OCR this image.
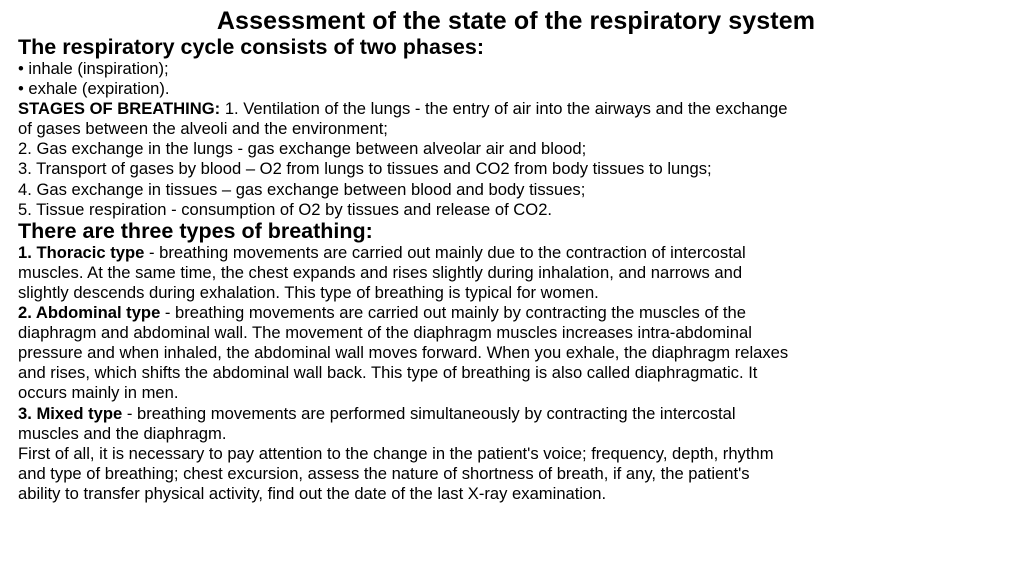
Assessment of the state of the respiratory system

The respiratory cycle consists of two phases:

• inhale (inspiration);

• exhale (expiration).

STAGES OF BREATHING: 1. Ventilation of the lungs - the entry of air into the airways and the exchange

of gases between the alveoli and the environment;

2. Gas exchange in the lungs - gas exchange between alveolar air and blood;

3. Transport of gases by blood – O2 from lungs to tissues and CO2 from body tissues to lungs;

4. Gas exchange in tissues – gas exchange between blood and body tissues;

5. Tissue respiration - consumption of O2 by tissues and release of CO2.

There are three types of breathing:

1. Thoracic type - breathing movements are carried out mainly due to the contraction of intercostal

muscles. At the same time, the chest expands and rises slightly during inhalation, and narrows and

slightly descends during exhalation. This type of breathing is typical for women.

2. Abdominal type - breathing movements are carried out mainly by contracting the muscles of the

diaphragm and abdominal wall. The movement of the diaphragm muscles increases intra-abdominal

pressure and when inhaled, the abdominal wall moves forward. When you exhale, the diaphragm relaxes

and rises, which shifts the abdominal wall back. This type of breathing is also called diaphragmatic. It

occurs mainly in men.

3. Mixed type - breathing movements are performed simultaneously by contracting the intercostal

muscles and the diaphragm.

First of all, it is necessary to pay attention to the change in the patient's voice; frequency, depth, rhythm

and type of breathing; chest excursion, assess the nature of shortness of breath, if any, the patient's

ability to transfer physical activity, find out the date of the last X-ray examination.
